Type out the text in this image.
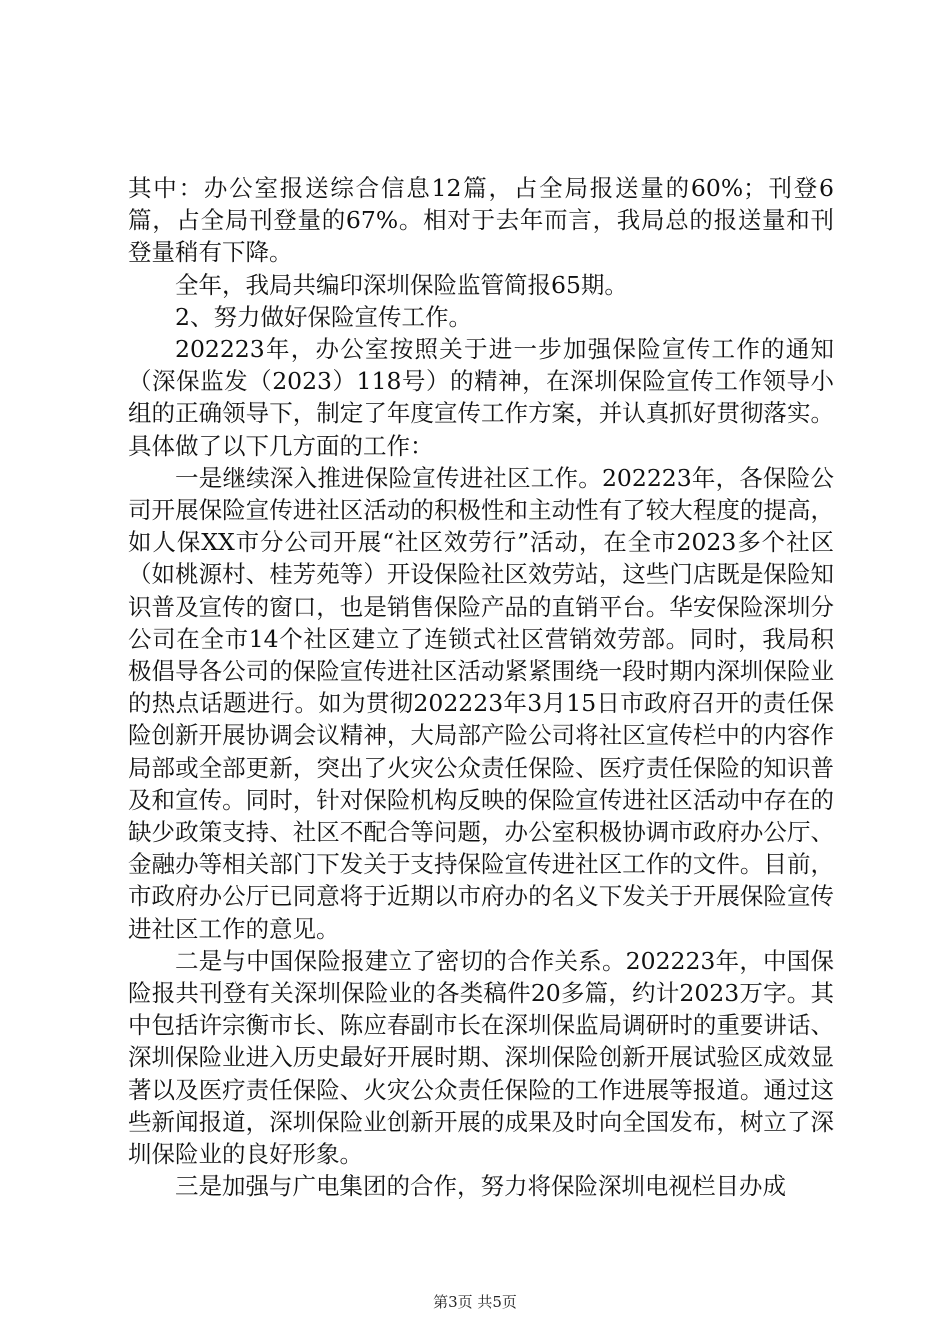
其中：办公室报送综合信息12篇，占全局报送量的60%；刊登6篇，占全局刊登量的67%。相对于去年而言，我局总的报送量和刊登量稍有下降。

全年，我局共编印深圳保险监管简报65期。

2、努力做好保险宣传工作。

202223年，办公室按照关于进一步加强保险宣传工作的通知（深保监发（2023）118号）的精神，在深圳保险宣传工作领导小组的正确领导下，制定了年度宣传工作方案，并认真抓好贯彻落实。具体做了以下几方面的工作：

一是继续深入推进保险宣传进社区工作。202223年，各保险公司开展保险宣传进社区活动的积极性和主动性有了较大程度的提高，如人保XX市分公司开展“社区效劳行”活动，在全市2023多个社区（如桃源村、桂芳苑等）开设保险社区效劳站，这些门店既是保险知识普及宣传的窗口，也是销售保险产品的直销平台。华安保险深圳分公司在全市14个社区建立了连锁式社区营销效劳部。同时，我局积极倡导各公司的保险宣传进社区活动紧紧围绕一段时期内深圳保险业的热点话题进行。如为贯彻202223年3月15日市政府召开的责任保险创新开展协调会议精神，大局部产险公司将社区宣传栏中的内容作局部或全部更新，突出了火灾公众责任保险、医疗责任保险的知识普及和宣传。同时，针对保险机构反映的保险宣传进社区活动中存在的缺少政策支持、社区不配合等问题，办公室积极协调市政府办公厅、金融办等相关部门下发关于支持保险宣传进社区工作的文件。目前，市政府办公厅已同意将于近期以市府办的名义下发关于开展保险宣传进社区工作的意见。

二是与中国保险报建立了密切的合作关系。202223年，中国保险报共刊登有关深圳保险业的各类稿件20多篇，约计2023万字。其中包括许宗衡市长、陈应春副市长在深圳保监局调研时的重要讲话、深圳保险业进入历史最好开展时期、深圳保险创新开展试验区成效显著以及医疗责任保险、火灾公众责任保险的工作进展等报道。通过这些新闻报道，深圳保险业创新开展的成果及时向全国发布，树立了深圳保险业的良好形象。

三是加强与广电集团的合作，努力将保险深圳电视栏目办成

第3页 共5页
